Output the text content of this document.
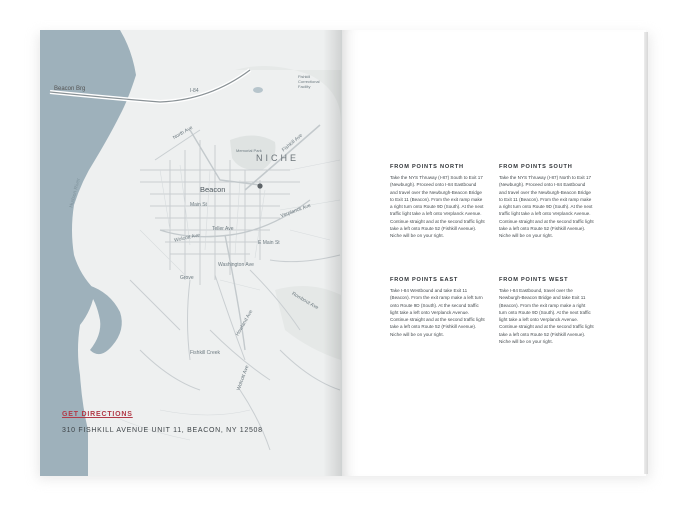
Beacon Brg	I-84
Fishkill Correctional Facility
North Ave
Memorial Park	Fishkill Ave
Main St
Teller Ave
Wolcott Ave	E Main St
Verplanck Ave
Howland Ave
Washington Ave
Fishkill Creek
Hudson River
Wolcott Ave
Grove
Rombout Ave
NICHE
Beacon
GET DIRECTIONS
310 FISHKILL AVENUE UNIT 11, BEACON, NY 12508
FROM POINTS NORTH
Take the NYS Thruway (I-87) South to Exit 17 (Newburgh). Proceed onto I-84 Eastbound and travel over the Newburgh-Beacon Bridge to Exit 11 (Beacon). From the exit ramp make a right turn onto Route 9D (South). At the next traffic light take a left onto Verplanck Avenue. Continue straight and at the second traffic light take a left onto Route 52 (Fishkill Avenue). Niche will be on your right.
FROM POINTS SOUTH
Take the NYS Thruway (I-87) North to Exit 17 (Newburgh). Proceed onto I-84 Eastbound and travel over the Newburgh-Beacon Bridge to Exit 11 (Beacon). From the exit ramp make a right turn onto Route 9D (South). At the next traffic light take a left onto Verplanck Avenue. Continue straight and at the second traffic light take a left onto Route 52 (Fishkill Avenue). Niche will be on your right.
FROM POINTS EAST
Take I-84 Westbound and take Exit 11 (Beacon). From the exit ramp make a left turn onto Route 9D (South). At the second traffic light take a left onto Verplanck Avenue. Continue straight and at the second traffic light take a left onto Route 52 (Fishkill Avenue). Niche will be on your right.
FROM POINTS WEST
Take I-84 Eastbound, travel over the Newburgh-Beacon Bridge and take Exit 11 (Beacon). From the exit ramp make a right turn onto Route 9D (South). At the next traffic light take a left onto Verplanck Avenue. Continue straight and at the second traffic light take a left onto Route 52 (Fishkill Avenue). Niche will be on your right.
